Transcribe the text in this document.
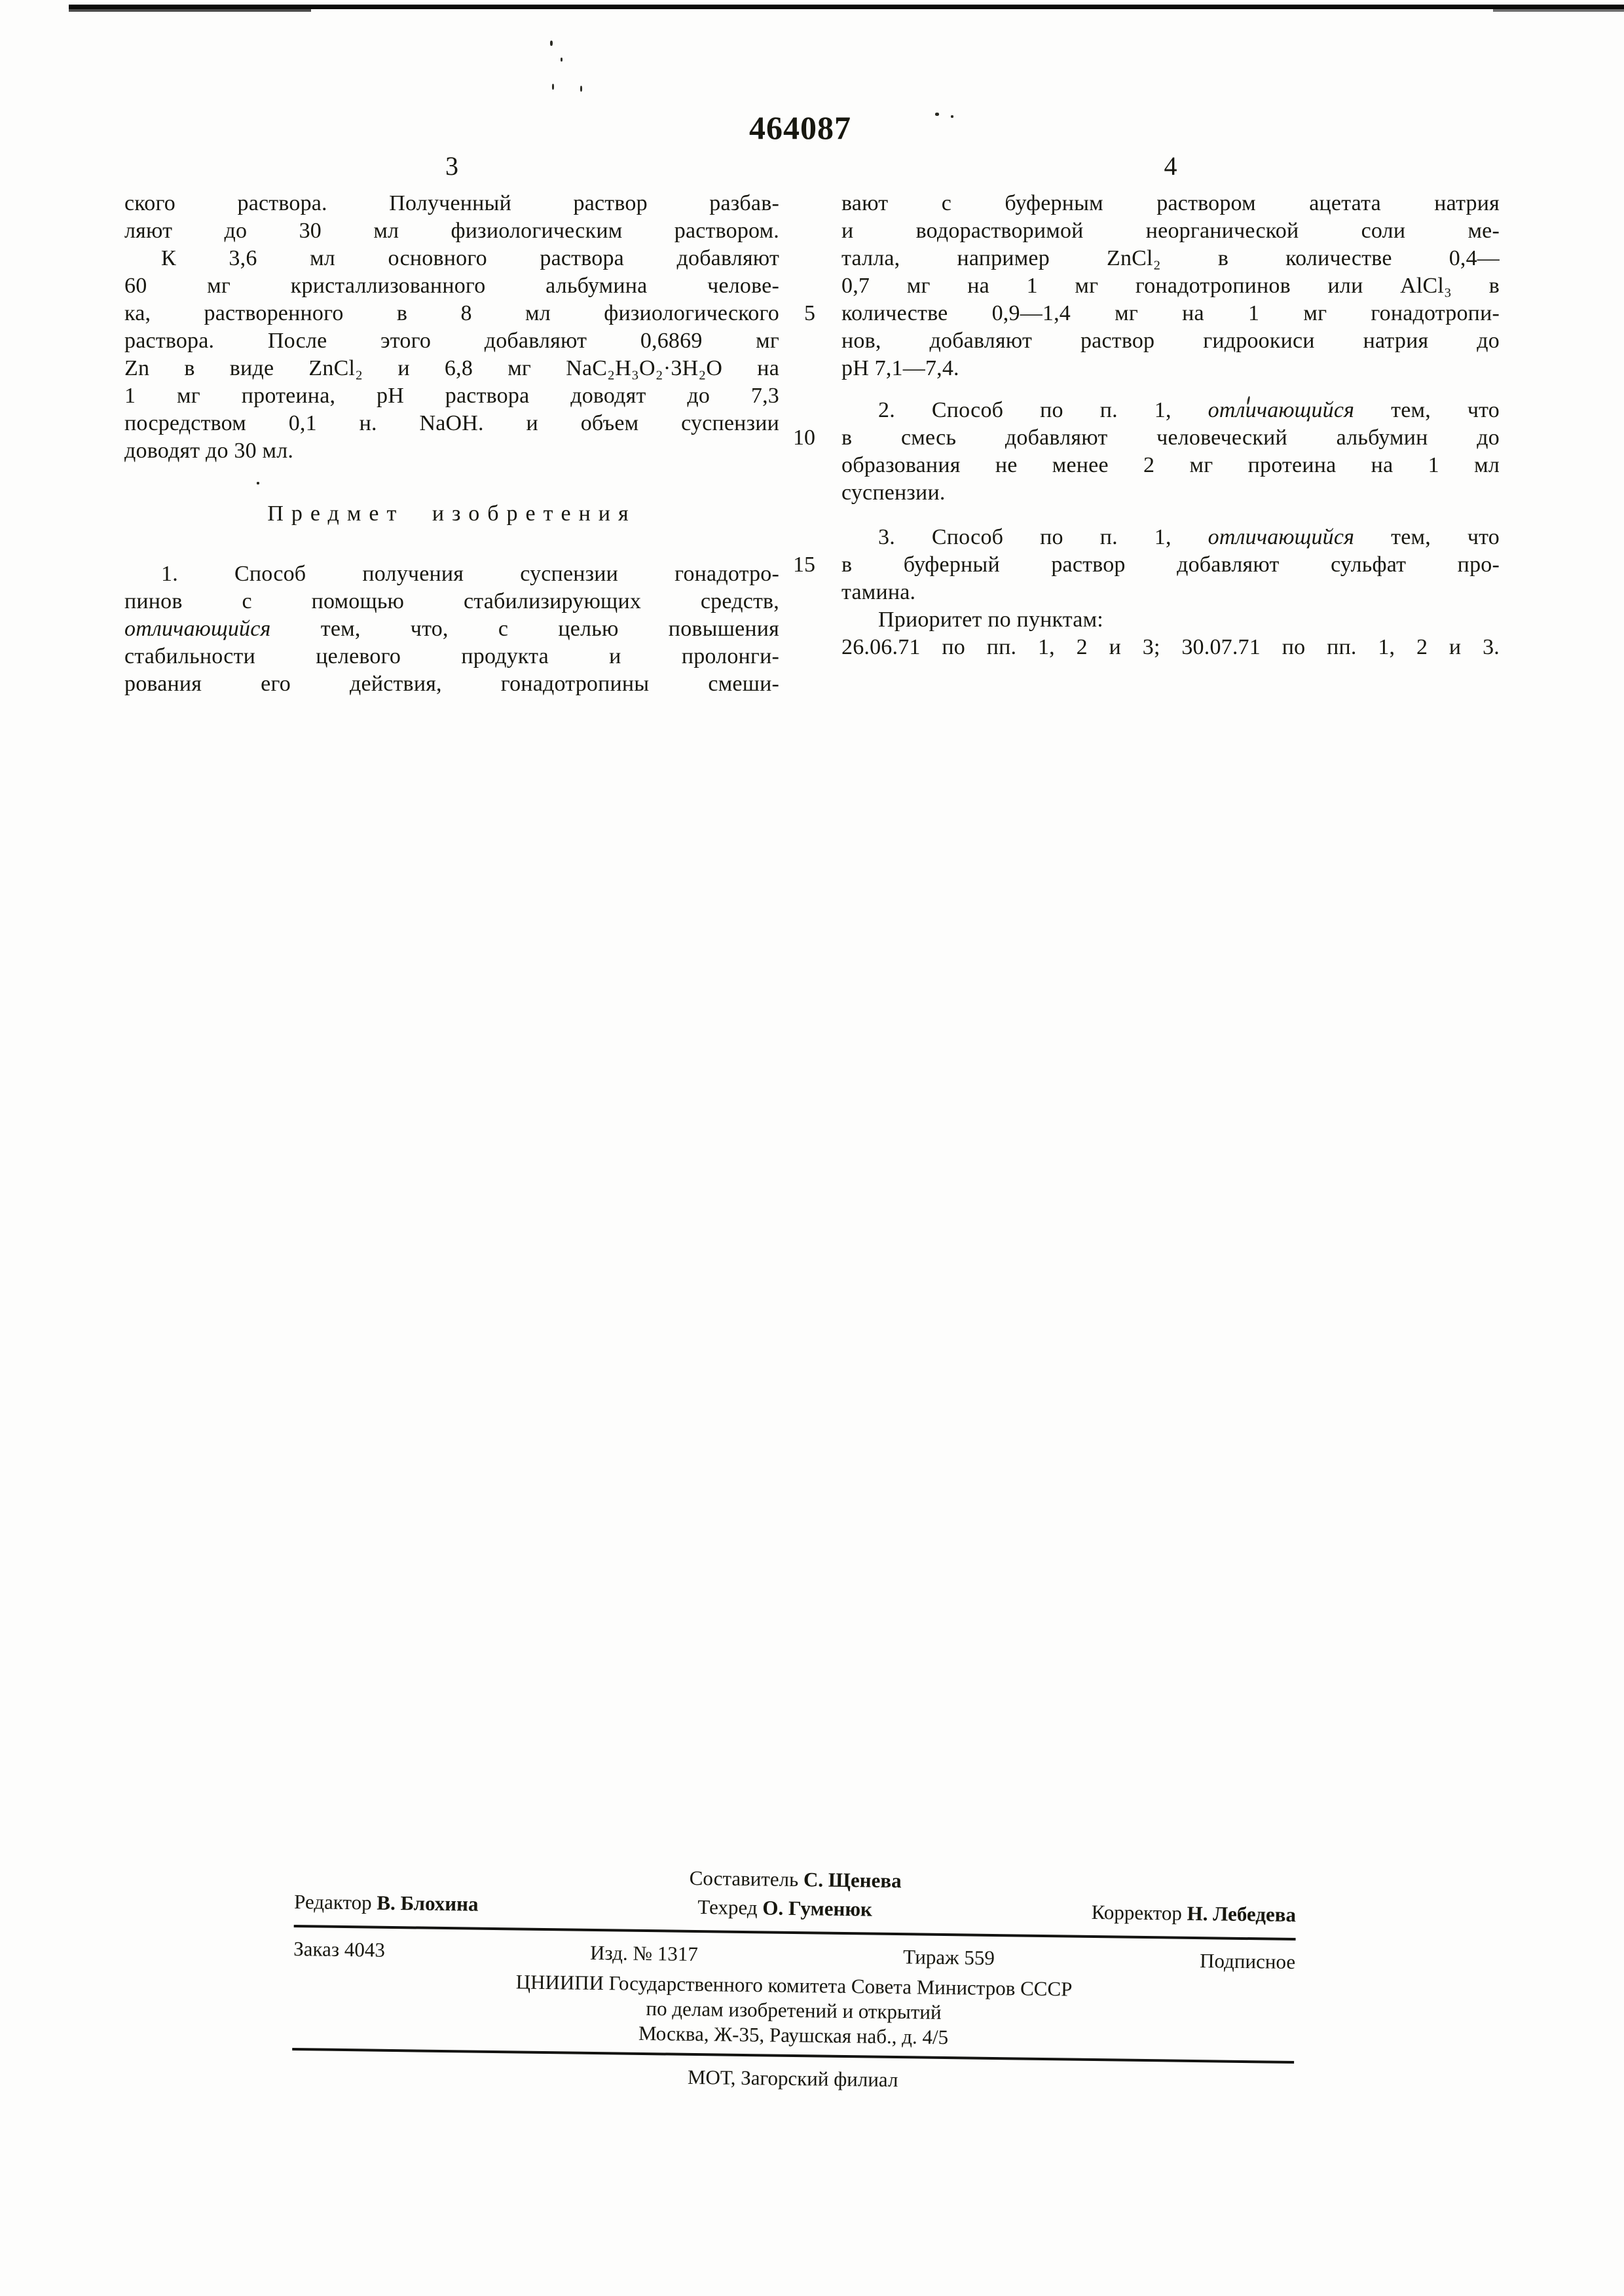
464087
3	4
ского раствора. Полученный раствор разбав-
ляют до 30 мл физиологическим раствором.
К 3,6 мл основного раствора добавляют
60 мг кристаллизованного альбумина челове-
ка, растворенного в 8 мл физиологического
раствора. После этого добавляют 0,6869 мг
Zn в виде ZnCl₂ и 6,8 мг NaC₂H₃O₂·3H₂O на
1 мг протеина, pH раствора доводят до 7,3
посредством 0,1 н. NaOH. и объем суспензии
доводят до 30 мл.
Предмет изобретения
1. Способ получения суспензии гонадотро-
пинов с помощью стабилизирующих средств,
отличающийся тем, что, с целью повышения
стабильности целевого продукта и пролонги-
рования его действия, гонадотропины смеши-
вают с буферным раствором ацетата натрия
и водорастворимой неорганической соли ме-
талла, например ZnCl₂ в количестве 0,4—
0,7 мг на 1 мг гонадотропинов или AlCl₃ в
количестве 0,9—1,4 мг на 1 мг гонадотропи-
нов, добавляют раствор гидроокиси натрия до
pH 7,1—7,4.
2. Способ по п. 1, отличающийся тем, что
в смесь добавляют человеческий альбумин до
образования не менее 2 мг протеина на 1 мл
суспензии.
3. Способ по п. 1, отличающийся тем, что
в буферный раствор добавляют сульфат про-
тамина.
Приоритет по пунктам:
26.06.71 по пп. 1, 2 и 3; 30.07.71 по пп. 1, 2 и 3.
5
10
15
Составитель С. Щенева
Редактор В. Блохина	Техред О. Гуменюк	Корректор Н. Лебедева
Заказ 4043	Изд. № 1317	Тираж 559	Подписное
ЦНИИПИ Государственного комитета Совета Министров СССР
по делам изобретений и открытий
Москва, Ж-35, Раушская наб., д. 4/5
МОТ, Загорский филиал
